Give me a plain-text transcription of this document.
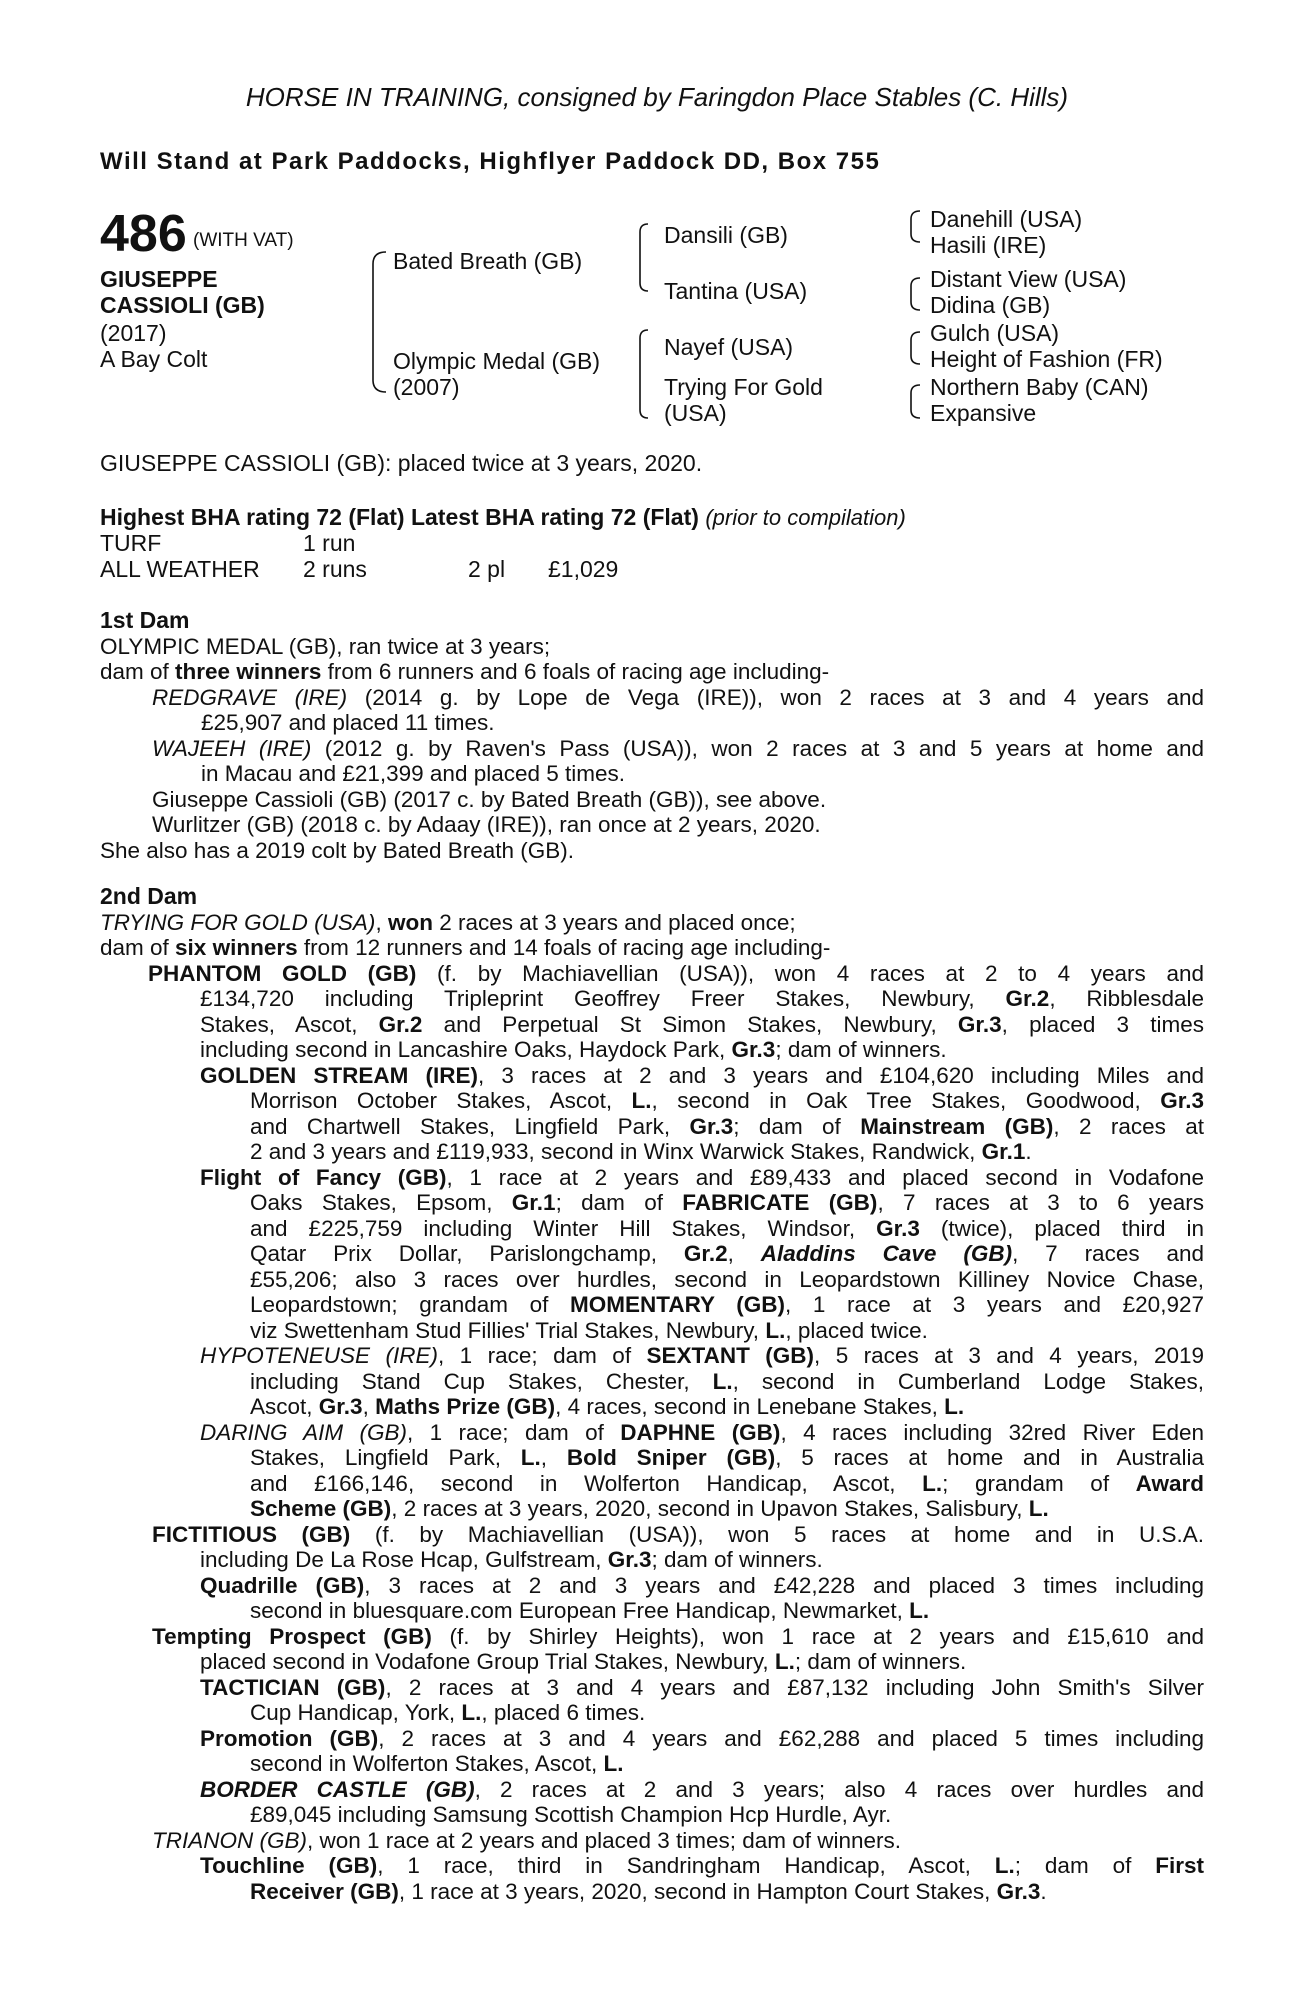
HORSE IN TRAINING, consigned by Faringdon Place Stables (C. Hills)
Will Stand at Park Paddocks, Highflyer Paddock DD, Box 755
486 (WITH VAT)
GIUSEPPE
CASSIOLI (GB)
(2017)
A Bay Colt
Bated Breath (GB)
Olympic Medal (GB)
(2007)
Dansili (GB)
Tantina (USA)
Nayef (USA)
Trying For Gold
(USA)
Danehill (USA)
Hasili (IRE)
Distant View (USA)
Didina (GB)
Gulch (USA)
Height of Fashion (FR)
Northern Baby (CAN)
Expansive
GIUSEPPE CASSIOLI (GB): placed twice at 3 years, 2020.
Highest BHA rating 72 (Flat) Latest BHA rating 72 (Flat) (prior to compilation)
TURF	1 run
ALL WEATHER 2 runs	2 pl £1,029
1st Dam
OLYMPIC MEDAL (GB), ran twice at 3 years;
dam of three winners from 6 runners and 6 foals of racing age including-
REDGRAVE (IRE) (2014 g. by Lope de Vega (IRE)), won 2 races at 3 and 4 years and
£25,907 and placed 11 times.
WAJEEH (IRE) (2012 g. by Raven's Pass (USA)), won 2 races at 3 and 5 years at home and
in Macau and £21,399 and placed 5 times.
Giuseppe Cassioli (GB) (2017 c. by Bated Breath (GB)), see above.
Wurlitzer (GB) (2018 c. by Adaay (IRE)), ran once at 2 years, 2020.
She also has a 2019 colt by Bated Breath (GB).
2nd Dam
TRYING FOR GOLD (USA), won 2 races at 3 years and placed once;
dam of six winners from 12 runners and 14 foals of racing age including-
PHANTOM GOLD (GB) (f. by Machiavellian (USA)), won 4 races at 2 to 4 years and
£134,720 including Tripleprint Geoffrey Freer Stakes, Newbury, Gr.2, Ribblesdale
Stakes, Ascot, Gr.2 and Perpetual St Simon Stakes, Newbury, Gr.3, placed 3 times
including second in Lancashire Oaks, Haydock Park, Gr.3; dam of winners.
GOLDEN STREAM (IRE), 3 races at 2 and 3 years and £104,620 including Miles and
Morrison October Stakes, Ascot, L., second in Oak Tree Stakes, Goodwood, Gr.3
and Chartwell Stakes, Lingfield Park, Gr.3; dam of Mainstream (GB), 2 races at
2 and 3 years and £119,933, second in Winx Warwick Stakes, Randwick, Gr.1.
Flight of Fancy (GB), 1 race at 2 years and £89,433 and placed second in Vodafone
Oaks Stakes, Epsom, Gr.1; dam of FABRICATE (GB), 7 races at 3 to 6 years
and £225,759 including Winter Hill Stakes, Windsor, Gr.3 (twice), placed third in
Qatar Prix Dollar, Parislongchamp, Gr.2, Aladdins Cave (GB), 7 races and
£55,206; also 3 races over hurdles, second in Leopardstown Killiney Novice Chase,
Leopardstown; grandam of MOMENTARY (GB), 1 race at 3 years and £20,927
viz Swettenham Stud Fillies' Trial Stakes, Newbury, L., placed twice.
HYPOTENEUSE (IRE), 1 race; dam of SEXTANT (GB), 5 races at 3 and 4 years, 2019
including Stand Cup Stakes, Chester, L., second in Cumberland Lodge Stakes,
Ascot, Gr.3, Maths Prize (GB), 4 races, second in Lenebane Stakes, L.
DARING AIM (GB), 1 race; dam of DAPHNE (GB), 4 races including 32red River Eden
Stakes, Lingfield Park, L., Bold Sniper (GB), 5 races at home and in Australia
and £166,146, second in Wolferton Handicap, Ascot, L.; grandam of Award
Scheme (GB), 2 races at 3 years, 2020, second in Upavon Stakes, Salisbury, L.
FICTITIOUS (GB) (f. by Machiavellian (USA)), won 5 races at home and in U.S.A.
including De La Rose Hcap, Gulfstream, Gr.3; dam of winners.
Quadrille (GB), 3 races at 2 and 3 years and £42,228 and placed 3 times including
second in bluesquare.com European Free Handicap, Newmarket, L.
Tempting Prospect (GB) (f. by Shirley Heights), won 1 race at 2 years and £15,610 and
placed second in Vodafone Group Trial Stakes, Newbury, L.; dam of winners.
TACTICIAN (GB), 2 races at 3 and 4 years and £87,132 including John Smith's Silver
Cup Handicap, York, L., placed 6 times.
Promotion (GB), 2 races at 3 and 4 years and £62,288 and placed 5 times including
second in Wolferton Stakes, Ascot, L.
BORDER CASTLE (GB), 2 races at 2 and 3 years; also 4 races over hurdles and
£89,045 including Samsung Scottish Champion Hcp Hurdle, Ayr.
TRIANON (GB), won 1 race at 2 years and placed 3 times; dam of winners.
Touchline (GB), 1 race, third in Sandringham Handicap, Ascot, L.; dam of First
Receiver (GB), 1 race at 3 years, 2020, second in Hampton Court Stakes, Gr.3.
